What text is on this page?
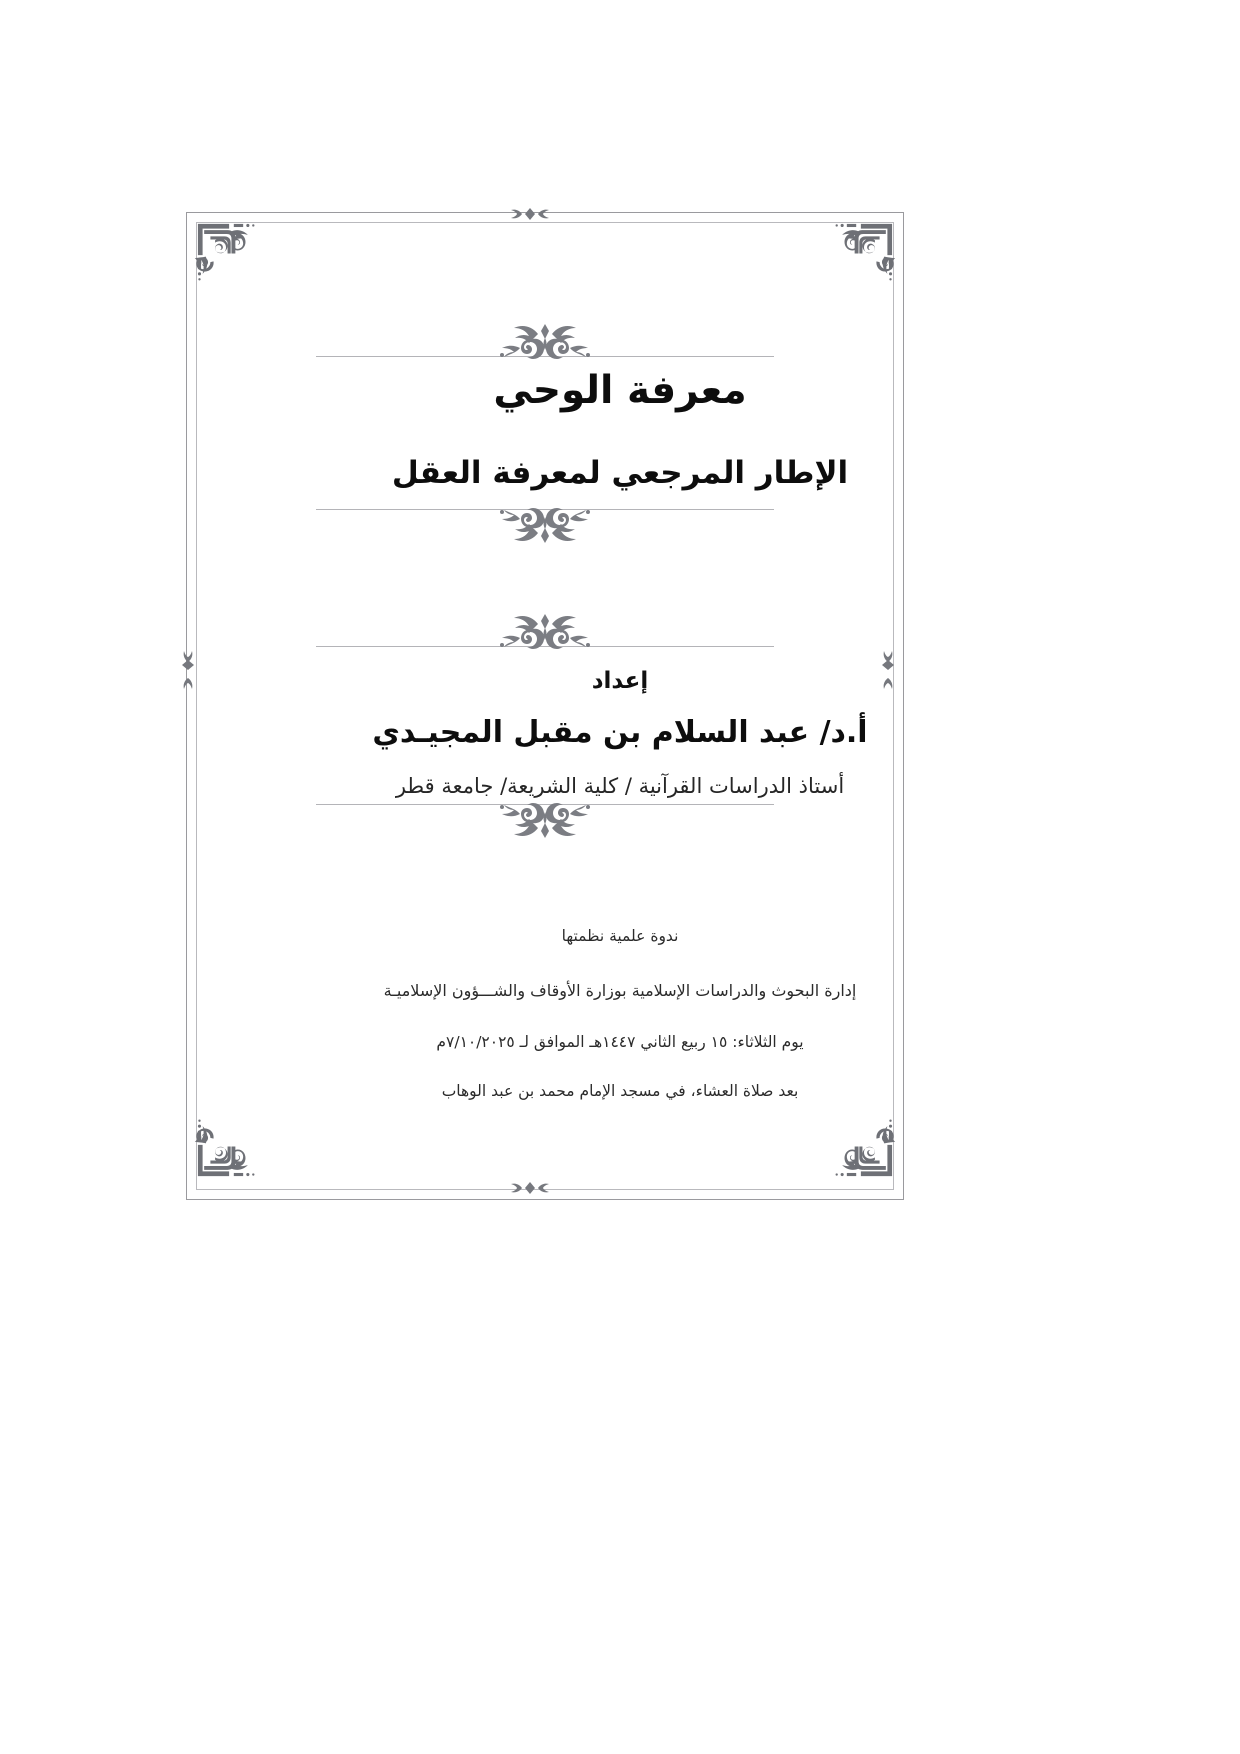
معرفة الوحي
الإطار المرجعي لمعرفة العقل
إعداد
أ.د/ عبد السلام بن مقبل المجيـدي
أستاذ الدراسات القرآنية / كلية الشريعة/ جامعة قطر
ندوة علمية نظمتها
إدارة البحوث والدراسات الإسلامية بوزارة الأوقاف والشـــؤون الإسلاميـة
يوم الثلاثاء: ١٥ ربيع الثاني ١٤٤٧هـ الموافق لـ ٧/١٠/٢٠٢٥م
بعد صلاة العشاء، في مسجد الإمام محمد بن عبد الوهاب
